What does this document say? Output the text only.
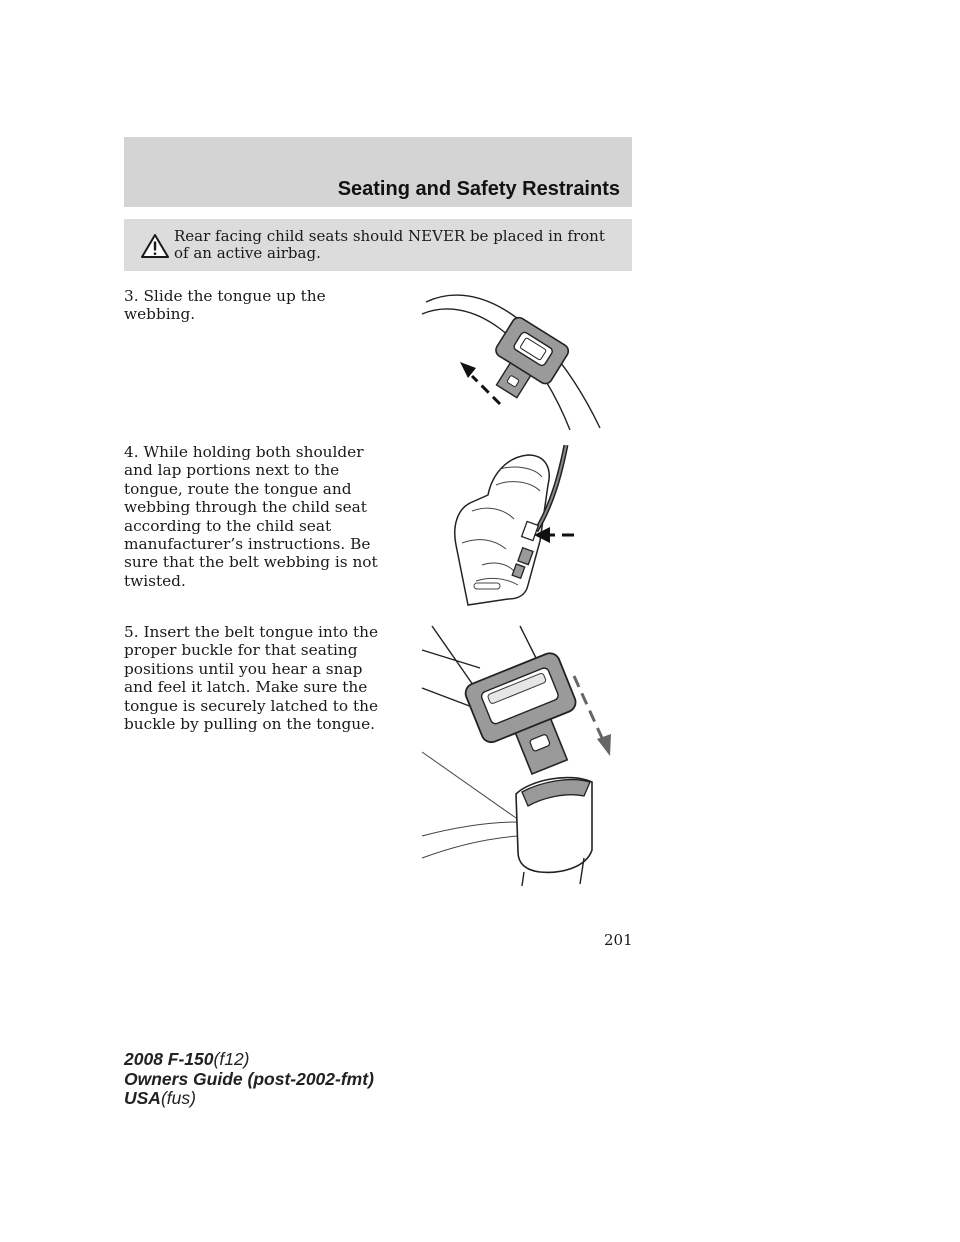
Seating and Safety Restraints
Rear facing child seats should NEVER be placed in front of an active airbag.
3. Slide the tongue up the webbing.
4. While holding both shoulder and lap portions next to the tongue, route the tongue and webbing through the child seat according to the child seat manufacturer’s instructions. Be sure that the belt webbing is not twisted.
5. Insert the belt tongue into the proper buckle for that seating positions until you hear a snap and feel it latch. Make sure the tongue is securely latched to the buckle by pulling on the tongue.
201
2008 F-150(f12)
Owners Guide (post-2002-fmt)
USA(fus)
